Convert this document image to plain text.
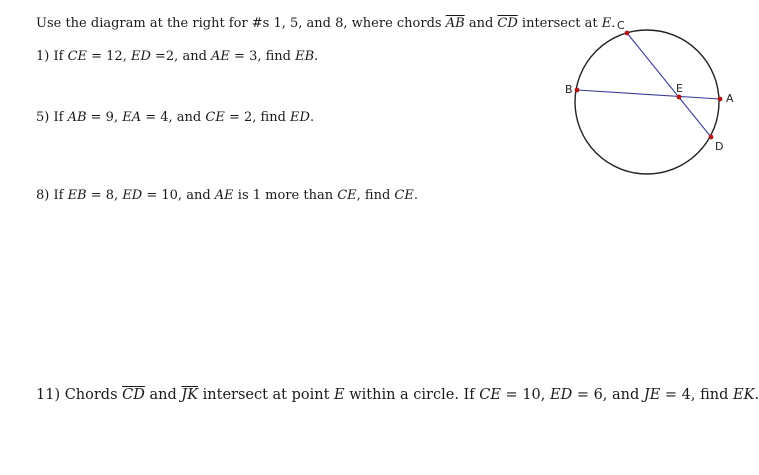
Use the diagram at the right for #s 1, 5, and 8, where chords $\overline{AB}$ and $\overline{CD}$ intersect at E.
1) If CE = 12, ED =2, and AE = 3, find EB.
5) If AB = 9, EA = 4, and CE = 2, find ED.
8) If EB = 8, ED = 10, and AE is 1 more than CE, find CE.
11) Chords $\overline{CD}$ and $\overline{JK}$ intersect at point E within a circle. If CE = 10, ED = 6, and JE = 4, find EK.
C
B	E
A
D
